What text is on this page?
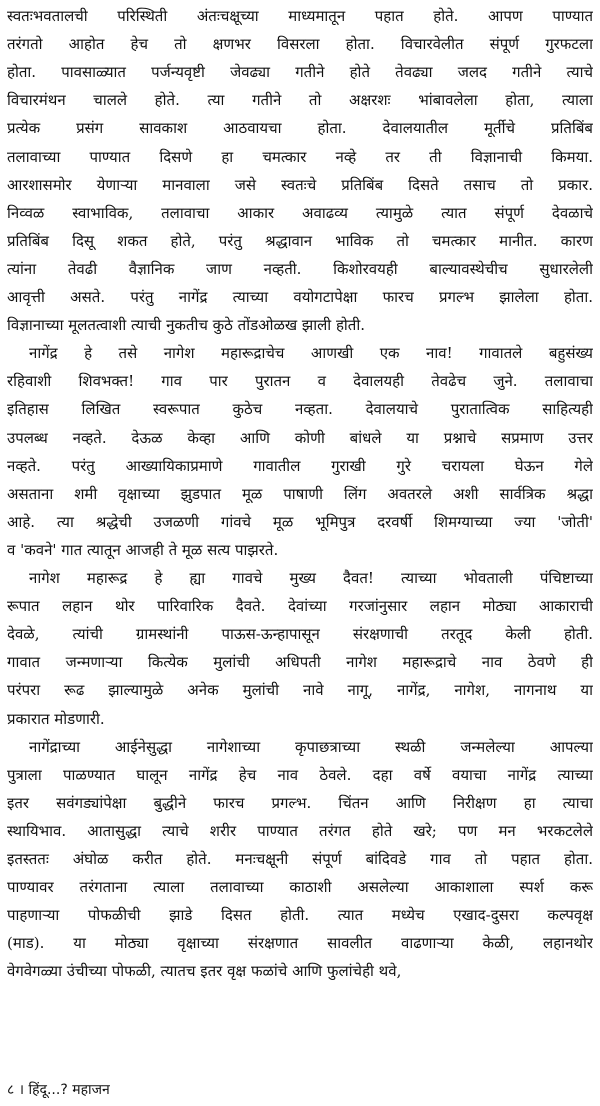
स्वतःभवतालची परिस्थिती अंतःचक्षूच्या माध्यमातून पहात होते. आपण पाण्यात
तरंगतो आहोत हेच तो क्षणभर विसरला होता. विचारवेलीत संपूर्ण गुरफटला
होता. पावसाळ्यात पर्जन्यवृष्टी जेवढ्या गतीने होते तेवढ्या जलद गतीने त्याचे
विचारमंथन चालले होते. त्या गतीने तो अक्षरशः भांबावलेला होता, त्याला
प्रत्येक प्रसंग सावकाश आठवायचा होता. देवालयातील मूर्तीचे प्रतिबिंब
तलावाच्या पाण्यात दिसणे हा चमत्कार नव्हे तर ती विज्ञानाची किमया.
आरशासमोर येणाऱ्या मानवाला जसे स्वतःचे प्रतिबिंब दिसते तसाच तो प्रकार.
निव्वळ स्वाभाविक, तलावाचा आकार अवाढव्य त्यामुळे त्यात संपूर्ण देवळाचे
प्रतिबिंब दिसू शकत होते, परंतु श्रद्धावान भाविक तो चमत्कार मानीत. कारण
त्यांना तेवढी वैज्ञानिक जाण नव्हती. किशोरवयही बाल्यावस्थेचीच सुधारलेली
आवृत्ती असते. परंतु नागेंद्र त्याच्या वयोगटापेक्षा फारच प्रगल्भ झालेला होता.
विज्ञानाच्या मूलतत्वाशी त्याची नुकतीच कुठे तोंडओळख झाली होती.
नागेंद्र हे तसे नागेश महारूद्राचेच आणखी एक नाव! गावातले बहुसंख्य
रहिवाशी शिवभक्त! गाव पार पुरातन व देवालयही तेवढेच जुने. तलावाचा
इतिहास लिखित स्वरूपात कुठेच नव्हता. देवालयाचे पुरातात्विक साहित्यही
उपलब्ध नव्हते. देऊळ केव्हा आणि कोणी बांधले या प्रश्नाचे सप्रमाण उत्तर
नव्हते. परंतु आख्यायिकाप्रमाणे गावातील गुराखी गुरे चरायला घेऊन गेले
असताना शमी वृक्षाच्या झुडपात मूळ पाषाणी लिंग अवतरले अशी सार्वत्रिक श्रद्धा
आहे. त्या श्रद्धेची उजळणी गांवचे मूळ भूमिपुत्र दरवर्षी शिमग्याच्या ज्या 'जोती'
व 'कवने' गात त्यातून आजही ते मूळ सत्य पाझरते.
नागेश महारूद्र हे ह्या गावचे मुख्य दैवत! त्याच्या भोवताली पंचिष्टाच्या
रूपात लहान थोर पारिवारिक दैवते. देवांच्या गरजांनुसार लहान मोठ्या आकाराची
देवळे, त्यांची ग्रामस्थांनी पाऊस-ऊन्हापासून संरक्षणाची तरतूद केली होती.
गावात जन्मणाऱ्या कित्येक मुलांची अधिपती नागेश महारूद्राचे नाव ठेवणे ही
परंपरा रूढ झाल्यामुळे अनेक मुलांची नावे नागू, नागेंद्र, नागेश, नागनाथ या
प्रकारात मोडणारी.
नागेंद्राच्या आईनेसुद्धा नागेशाच्या कृपाछत्राच्या स्थळी जन्मलेल्या आपल्या
पुत्राला पाळण्यात घालून नागेंद्र हेच नाव ठेवले. दहा वर्षे वयाचा नागेंद्र त्याच्या
इतर सवंगड्यांपेक्षा बुद्धीने फारच प्रगल्भ. चिंतन आणि निरीक्षण हा त्याचा
स्थायिभाव. आतासुद्धा त्याचे शरीर पाण्यात तरंगत होते खरे; पण मन भरकटलेले
इतस्ततः अंघोळ करीत होते. मनःचक्षूनी संपूर्ण बांदिवडे गाव तो पहात होता.
पाण्यावर तरंगताना त्याला तलावाच्या काठाशी असलेल्या आकाशाला स्पर्श करू
पाहणाऱ्या पोफळीची झाडे दिसत होती. त्यात मध्येच एखाद-दुसरा कल्पवृक्ष
(माड). या मोठ्या वृक्षाच्या संरक्षणात सावलीत वाढणाऱ्या केळी, लहानथोर
वेगवेगळ्या उंचीच्या पोफळी, त्यातच इतर वृक्ष फळांचे आणि फुलांचेही थवे,
८ । हिंदू...? महाजन
